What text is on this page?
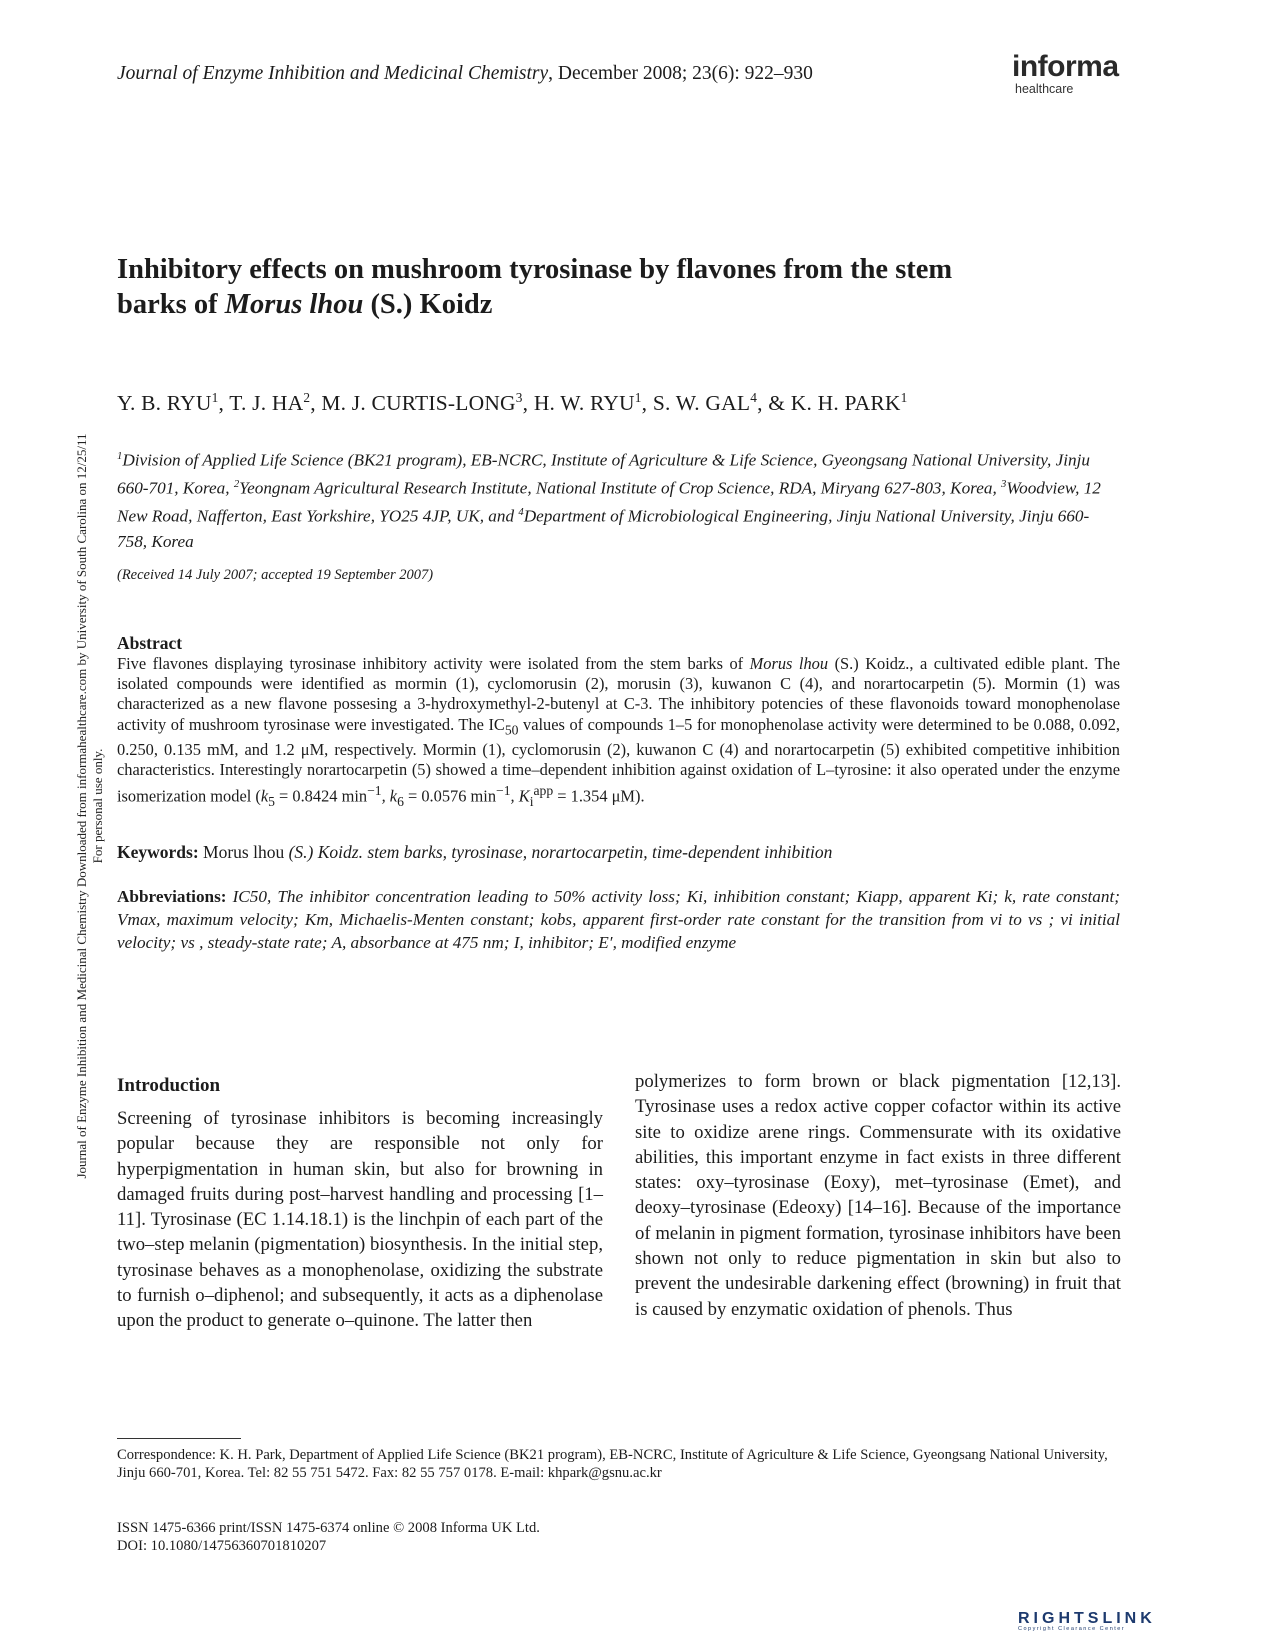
Journal of Enzyme Inhibition and Medicinal Chemistry, December 2008; 23(6): 922–930	informa
healthcare
Journal of Enzyme Inhibition and Medicinal Chemistry Downloaded from informahealthcare.com by University of South Carolina on 12/25/11 For personal use only.
Inhibitory effects on mushroom tyrosinase by flavones from the stem
barks of Morus lhou (S.) Koidz
Y. B. RYU$^1$, T. J. $HA^2$, M. J. CURTIS-LONG$^3$, H. W. RYU$^1$, S. W. GAL$^4$, & K. H. PARK$^1$
$^1$Division of Applied Life Science (BK21 program), EB-NCRC, Institute of Agriculture & Life Science, Gyeongsang National University, Jinju 660-701, Korea, $^2$Yeongnam Agricultural Research Institute, National Institute of Crop Science, RDA, Miryang 627-803, Korea, $^3$Woodview, 12 New Road, Nafferton, East Yorkshire, YO25 4JP, UK, and $^4$Department of Microbiological Engineering, Jinju National University, Jinju 660-758, Korea
(Received 14 July 2007; accepted 19 September 2007)
Abstract
Five flavones displaying tyrosinase inhibitory activity were isolated from the stem barks of Morus lhou (S.) Koidz., a cultivated edible plant. The isolated compounds were identified as mormin (1), cyclomorusin (2), morusin (3), kuwanon C (4), and norartocarpetin (5). Mormin (1) was characterized as a new flavone possesing a 3-hydroxymethyl-2-butenyl at C-3. The inhibitory potencies of these flavonoids toward monophenolase activity of mushroom tyrosinase were investigated. The $IC_{50}$ values of compounds 1–5 for monophenolase activity were determined to be 0.088, 0.092, 0.250, 0.135 mM, and 1.2 μM, respectively. Mormin (1), cyclomorusin (2), kuwanon C (4) and norartocarpetin (5) exhibited competitive inhibition characteristics. Interestingly norartocarpetin (5) showed a time–dependent inhibition against oxidation of L–tyrosine: it also operated under the enzyme isomerization model ($k_5 = 0.8424$ $\min^{-1}$, $k_6 = 0.0576$ $\min^{-1}$, $K_i^{app} = 1.354$ μM).
Keywords: Morus lhou (S.) Koidz. stem barks, tyrosinase, norartocarpetin, time-dependent inhibition
Abbreviations: IC50, The inhibitor concentration leading to 50% activity loss; Ki, inhibition constant; Kiapp, apparent Ki; k, rate constant; Vmax, maximum velocity; Km, Michaelis-Menten constant; kobs, apparent first-order rate constant for the transition from vi to vs ; vi initial velocity; vs , steady-state rate; A, absorbance at 475 nm; I, inhibitor; E′, modified enzyme
Introduction
Screening of tyrosinase inhibitors is becoming increasingly popular because they are responsible not only for hyperpigmentation in human skin, but also for browning in damaged fruits during post–harvest handling and processing [1–11]. Tyrosinase (EC 1.14.18.1) is the linchpin of each part of the two–step melanin (pigmentation) biosynthesis. In the initial step, tyrosinase behaves as a monophenolase, oxidizing the substrate to furnish o–diphenol; and subsequently, it acts as a diphenolase upon the product to generate o–quinone. The latter then
polymerizes to form brown or black pigmentation [12,13]. Tyrosinase uses a redox active copper cofactor within its active site to oxidize arene rings. Commensurate with its oxidative abilities, this important enzyme in fact exists in three different states: oxy–tyrosinase (Eoxy), met–tyrosinase (Emet), and deoxy–tyrosinase (Edeoxy) [14–16]. Because of the importance of melanin in pigment formation, tyrosinase inhibitors have been shown not only to reduce pigmentation in skin but also to prevent the undesirable darkening effect (browning) in fruit that is caused by enzymatic oxidation of phenols. Thus
Correspondence: K. H. Park, Department of Applied Life Science (BK21 program), EB-NCRC, Institute of Agriculture & Life Science, Gyeongsang National University, Jinju 660-701, Korea. Tel: 82 55 751 5472. Fax: 82 55 757 0178. E-mail: khpark@gsnu.ac.kr
ISSN 1475-6366 print/ISSN 1475-6374 online © 2008 Informa UK Ltd.
DOI: 10.1080/14756360701810207
RIGHTSLINK
Copyright Clearance Center
